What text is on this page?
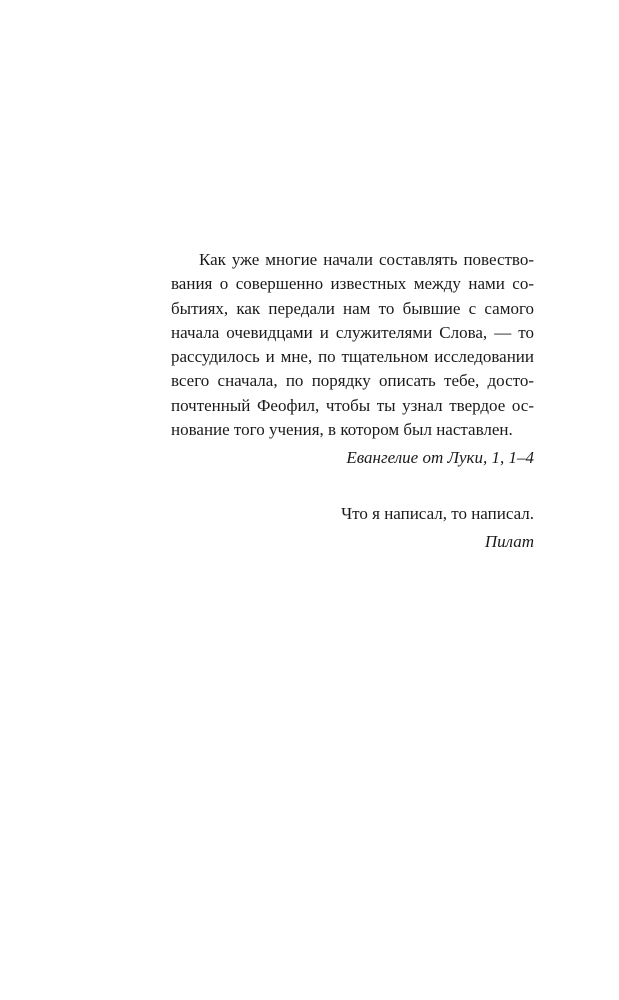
Как уже многие начали составлять повество-
вания о совершенно известных между нами со-
бытиях, как передали нам то бывшие с самого
начала очевидцами и служителями Слова, — то
рассудилось и мне, по тщательном исследовании
всего сначала, по порядку описать тебе, досто-
почтенный Феофил, чтобы ты узнал твердое ос-
нование того учения, в котором был наставлен.
Евангелие от Луки, 1, 1–4
Что я написал, то написал.
Пилат
